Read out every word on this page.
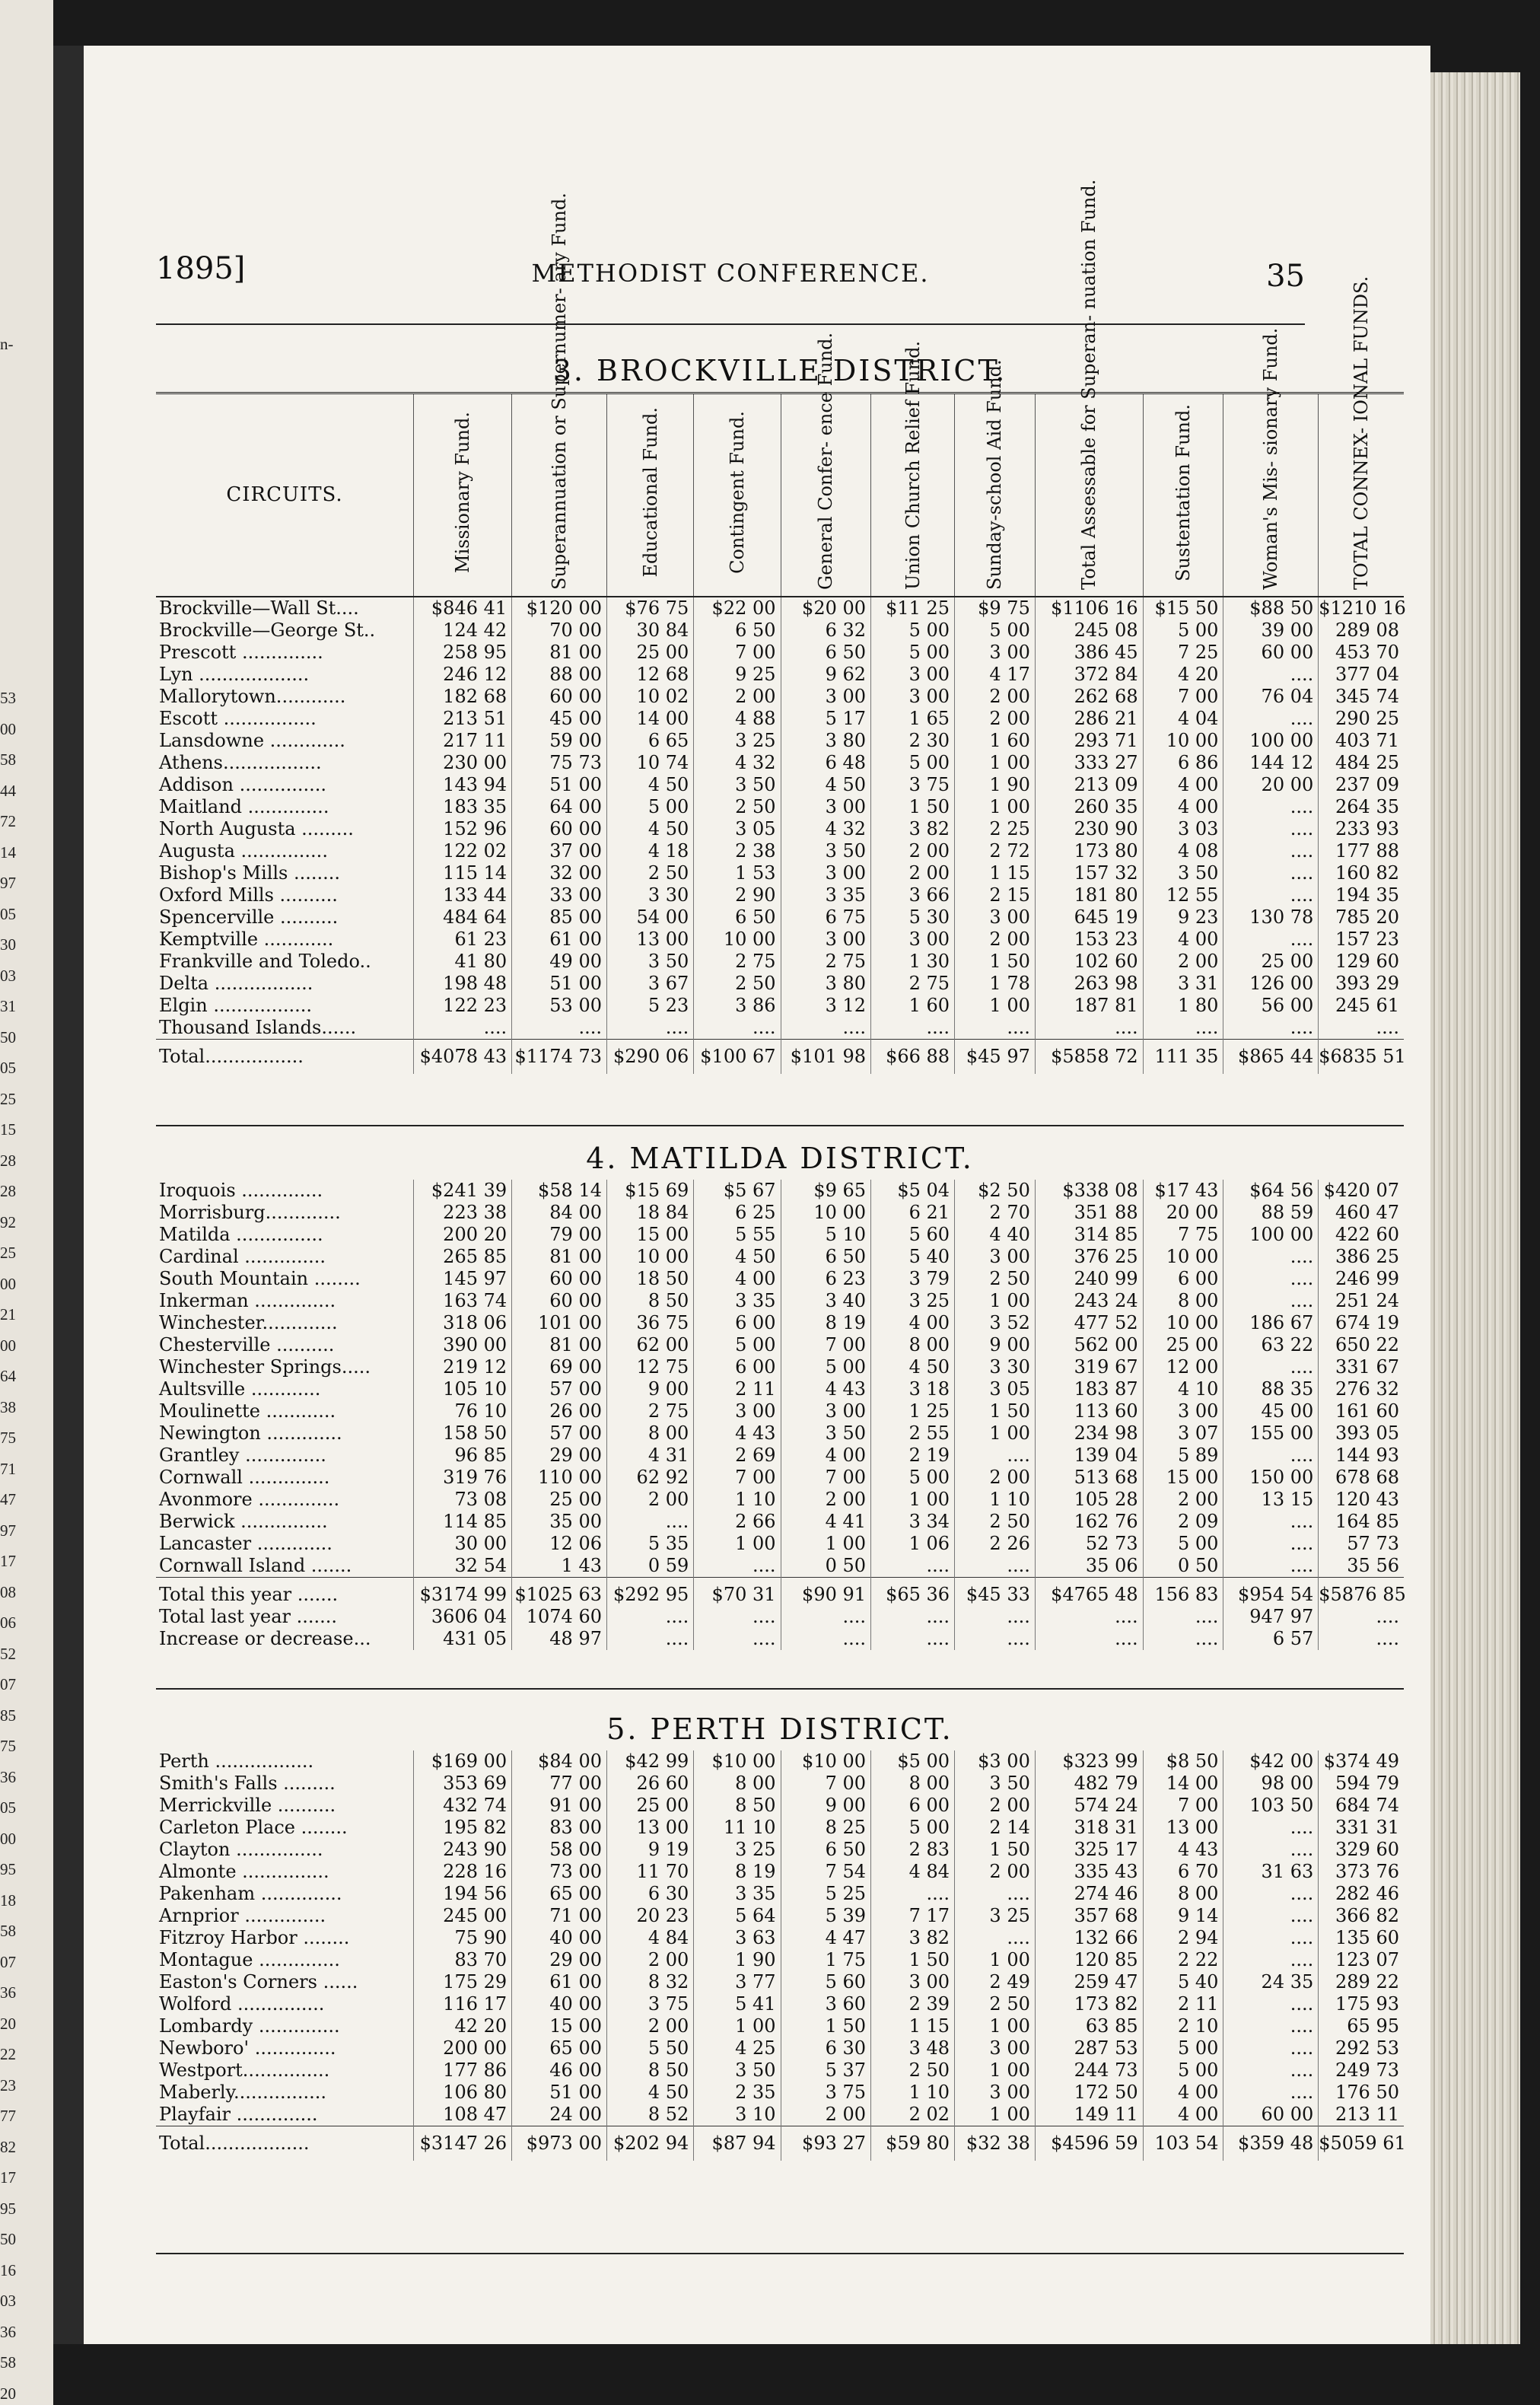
n-
53
00
58
44
72
14
97
05
30
03
31
50
05
25
15
28
28
92
25
00
21
00
64
38
75
71
47
97
17
08
06
52
07
85
75
36
05
00
95
18
58
07
36
20
22
23
77
82
17
95
50
16
03
36
58
20
1895]	METHODIST CONFERENCE.	35
3. BROCKVILLE DISTRICT.
CIRCUITS.	Missionary Fund.	Superannuation or Supernumer- ary Fund.	Educational Fund.	Contingent Fund.	General Confer- ence Fund.	Union Church Relief Fund.	Sunday-school Aid Fund.	Total Assessable for Superan- nuation Fund.	Sustentation Fund.	Woman's Mis- sionary Fund.	TOTAL CONNEX- IONAL FUNDS.
Brockville—Wall St....	$846 41	$120 00	$76 75	$22 00	$20 00	$11 25	$9 75	$1106 16	$15 50	$88 50	$1210 16
Brockville—George St..	124 42	70 00	30 84	6 50	6 32	5 00	5 00	245 08	5 00	39 00	289 08
Prescott ..............	258 95	81 00	25 00	7 00	6 50	5 00	3 00	386 45	7 25	60 00	453 70
Lyn ...................	246 12	88 00	12 68	9 25	9 62	3 00	4 17	372 84	4 20	....	377 04
Mallorytown............	182 68	60 00	10 02	2 00	3 00	3 00	2 00	262 68	7 00	76 04	345 74
Escott ................	213 51	45 00	14 00	4 88	5 17	1 65	2 00	286 21	4 04	....	290 25
Lansdowne .............	217 11	59 00	6 65	3 25	3 80	2 30	1 60	293 71	10 00	100 00	403 71
Athens.................	230 00	75 73	10 74	4 32	6 48	5 00	1 00	333 27	6 86	144 12	484 25
Addison ...............	143 94	51 00	4 50	3 50	4 50	3 75	1 90	213 09	4 00	20 00	237 09
Maitland ..............	183 35	64 00	5 00	2 50	3 00	1 50	1 00	260 35	4 00	....	264 35
North Augusta .........	152 96	60 00	4 50	3 05	4 32	3 82	2 25	230 90	3 03	....	233 93
Augusta ...............	122 02	37 00	4 18	2 38	3 50	2 00	2 72	173 80	4 08	....	177 88
Bishop's Mills ........	115 14	32 00	2 50	1 53	3 00	2 00	1 15	157 32	3 50	....	160 82
Oxford Mills ..........	133 44	33 00	3 30	2 90	3 35	3 66	2 15	181 80	12 55	....	194 35
Spencerville ..........	484 64	85 00	54 00	6 50	6 75	5 30	3 00	645 19	9 23	130 78	785 20
Kemptville ............	61 23	61 00	13 00	10 00	3 00	3 00	2 00	153 23	4 00	....	157 23
Frankville and Toledo..	41 80	49 00	3 50	2 75	2 75	1 30	1 50	102 60	2 00	25 00	129 60
Delta .................	198 48	51 00	3 67	2 50	3 80	2 75	1 78	263 98	3 31	126 00	393 29
Elgin .................	122 23	53 00	5 23	3 86	3 12	1 60	1 00	187 81	1 80	56 00	245 61
Thousand Islands......	....	....	....	....	....	....	....	....	....	....	....
Total.................	$4078 43	$1174 73	$290 06	$100 67	$101 98	$66 88	$45 97	$5858 72	111 35	$865 44	$6835 51
4. MATILDA DISTRICT.
Iroquois ..............	$241 39	$58 14	$15 69	$5 67	$9 65	$5 04	$2 50	$338 08	$17 43	$64 56	$420 07
Morrisburg.............	223 38	84 00	18 84	6 25	10 00	6 21	2 70	351 88	20 00	88 59	460 47
Matilda ...............	200 20	79 00	15 00	5 55	5 10	5 60	4 40	314 85	7 75	100 00	422 60
Cardinal ..............	265 85	81 00	10 00	4 50	6 50	5 40	3 00	376 25	10 00	....	386 25
South Mountain ........	145 97	60 00	18 50	4 00	6 23	3 79	2 50	240 99	6 00	....	246 99
Inkerman ..............	163 74	60 00	8 50	3 35	3 40	3 25	1 00	243 24	8 00	....	251 24
Winchester.............	318 06	101 00	36 75	6 00	8 19	4 00	3 52	477 52	10 00	186 67	674 19
Chesterville ..........	390 00	81 00	62 00	5 00	7 00	8 00	9 00	562 00	25 00	63 22	650 22
Winchester Springs.....	219 12	69 00	12 75	6 00	5 00	4 50	3 30	319 67	12 00	....	331 67
Aultsville ............	105 10	57 00	9 00	2 11	4 43	3 18	3 05	183 87	4 10	88 35	276 32
Moulinette ............	76 10	26 00	2 75	3 00	3 00	1 25	1 50	113 60	3 00	45 00	161 60
Newington .............	158 50	57 00	8 00	4 43	3 50	2 55	1 00	234 98	3 07	155 00	393 05
Grantley ..............	96 85	29 00	4 31	2 69	4 00	2 19	....	139 04	5 89	....	144 93
Cornwall ..............	319 76	110 00	62 92	7 00	7 00	5 00	2 00	513 68	15 00	150 00	678 68
Avonmore ..............	73 08	25 00	2 00	1 10	2 00	1 00	1 10	105 28	2 00	13 15	120 43
Berwick ...............	114 85	35 00	....	2 66	4 41	3 34	2 50	162 76	2 09	....	164 85
Lancaster .............	30 00	12 06	5 35	1 00	1 00	1 06	2 26	52 73	5 00	....	57 73
Cornwall Island .......	32 54	1 43	0 59	....	0 50	....	....	35 06	0 50	....	35 56
Total this year .......	$3174 99	$1025 63	$292 95	$70 31	$90 91	$65 36	$45 33	$4765 48	156 83	$954 54	$5876 85
Total last year .......	3606 04	1074 60	....	....	....	....	....	....	....	947 97	....
Increase or decrease...	431 05	48 97	....	....	....	....	....	....	....	6 57	....
5. PERTH DISTRICT.
Perth .................	$169 00	$84 00	$42 99	$10 00	$10 00	$5 00	$3 00	$323 99	$8 50	$42 00	$374 49
Smith's Falls .........	353 69	77 00	26 60	8 00	7 00	8 00	3 50	482 79	14 00	98 00	594 79
Merrickville ..........	432 74	91 00	25 00	8 50	9 00	6 00	2 00	574 24	7 00	103 50	684 74
Carleton Place ........	195 82	83 00	13 00	11 10	8 25	5 00	2 14	318 31	13 00	....	331 31
Clayton ...............	243 90	58 00	9 19	3 25	6 50	2 83	1 50	325 17	4 43	....	329 60
Almonte ...............	228 16	73 00	11 70	8 19	7 54	4 84	2 00	335 43	6 70	31 63	373 76
Pakenham ..............	194 56	65 00	6 30	3 35	5 25	....	....	274 46	8 00	....	282 46
Arnprior ..............	245 00	71 00	20 23	5 64	5 39	7 17	3 25	357 68	9 14	....	366 82
Fitzroy Harbor ........	75 90	40 00	4 84	3 63	4 47	3 82	....	132 66	2 94	....	135 60
Montague ..............	83 70	29 00	2 00	1 90	1 75	1 50	1 00	120 85	2 22	....	123 07
Easton's Corners ......	175 29	61 00	8 32	3 77	5 60	3 00	2 49	259 47	5 40	24 35	289 22
Wolford ...............	116 17	40 00	3 75	5 41	3 60	2 39	2 50	173 82	2 11	....	175 93
Lombardy ..............	42 20	15 00	2 00	1 00	1 50	1 15	1 00	63 85	2 10	....	65 95
Newboro' ..............	200 00	65 00	5 50	4 25	6 30	3 48	3 00	287 53	5 00	....	292 53
Westport...............	177 86	46 00	8 50	3 50	5 37	2 50	1 00	244 73	5 00	....	249 73
Maberly................	106 80	51 00	4 50	2 35	3 75	1 10	3 00	172 50	4 00	....	176 50
Playfair ..............	108 47	24 00	8 52	3 10	2 00	2 02	1 00	149 11	4 00	60 00	213 11
Total..................	$3147 26	$973 00	$202 94	$87 94	$93 27	$59 80	$32 38	$4596 59	103 54	$359 48	$5059 61
